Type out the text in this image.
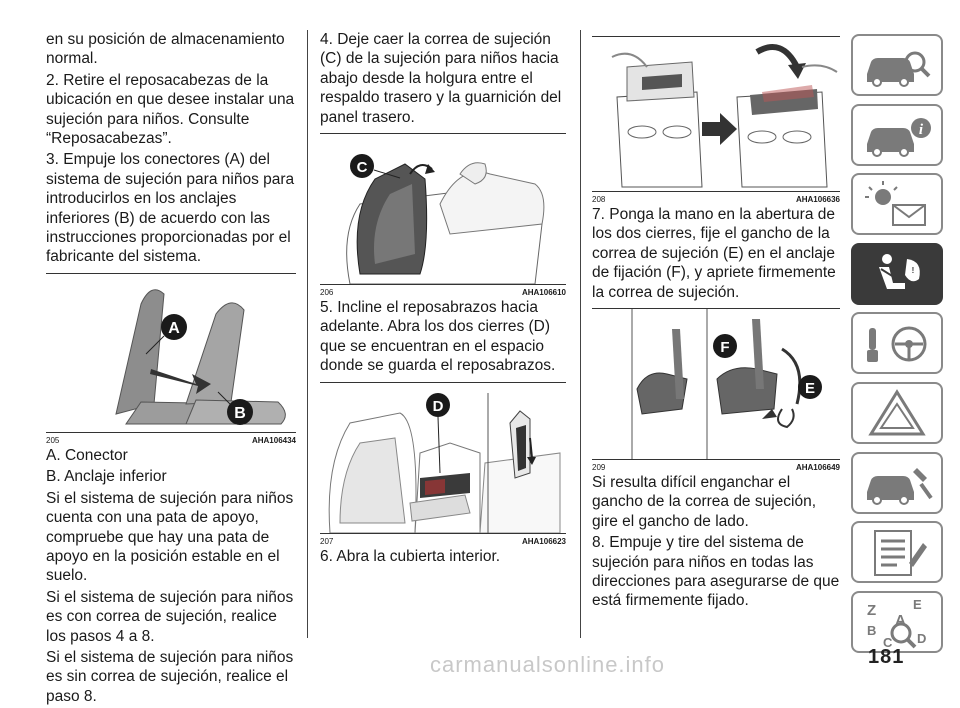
en su posición de almacenamiento normal.

2. Retire el reposacabezas de la ubicación en que desee instalar una sujeción para niños. Consulte “Reposacabezas”.

3. Empuje los conectores (A) del sistema de sujeción para niños para introducirlos en los anclajes inferiores (B) de acuerdo con las instrucciones proporcionadas por el fabricante del sistema.

A
B
205	AHA106434

A. Conector

B. Anclaje inferior

Si el sistema de sujeción para niños cuenta con una pata de apoyo, compruebe que hay una pata de apoyo en la posición estable en el suelo.

Si el sistema de sujeción para niños es con correa de sujeción, realice los pasos 4 a 8.

Si el sistema de sujeción para niños es sin correa de sujeción, realice el paso 8.

4. Deje caer la correa de sujeción (C) de la sujeción para niños hacia abajo desde la holgura entre el respaldo trasero y la guarnición del panel trasero.

C
206	AHA106610

5. Incline el reposabrazos hacia adelante. Abra los dos cierres (D) que se encuentran en el espacio donde se guarda el reposabrazos.

D
207	AHA106623

6. Abra la cubierta interior.

208	AHA106636

7. Ponga la mano en la abertura de los dos cierres, fije el gancho de la correa de sujeción (E) en el anclaje de fijación (F), y apriete firmemente la correa de sujeción.

F
E
209	AHA106649

Si resulta difícil enganchar el gancho de la correa de sujeción, gire el gancho de lado.

8. Empuje y tire del sistema de sujeción para niños en todas las direcciones para asegurarse de que está firmemente fijado.

i
!
Z	E
A
B
C D
carmanualsonline.info	181
